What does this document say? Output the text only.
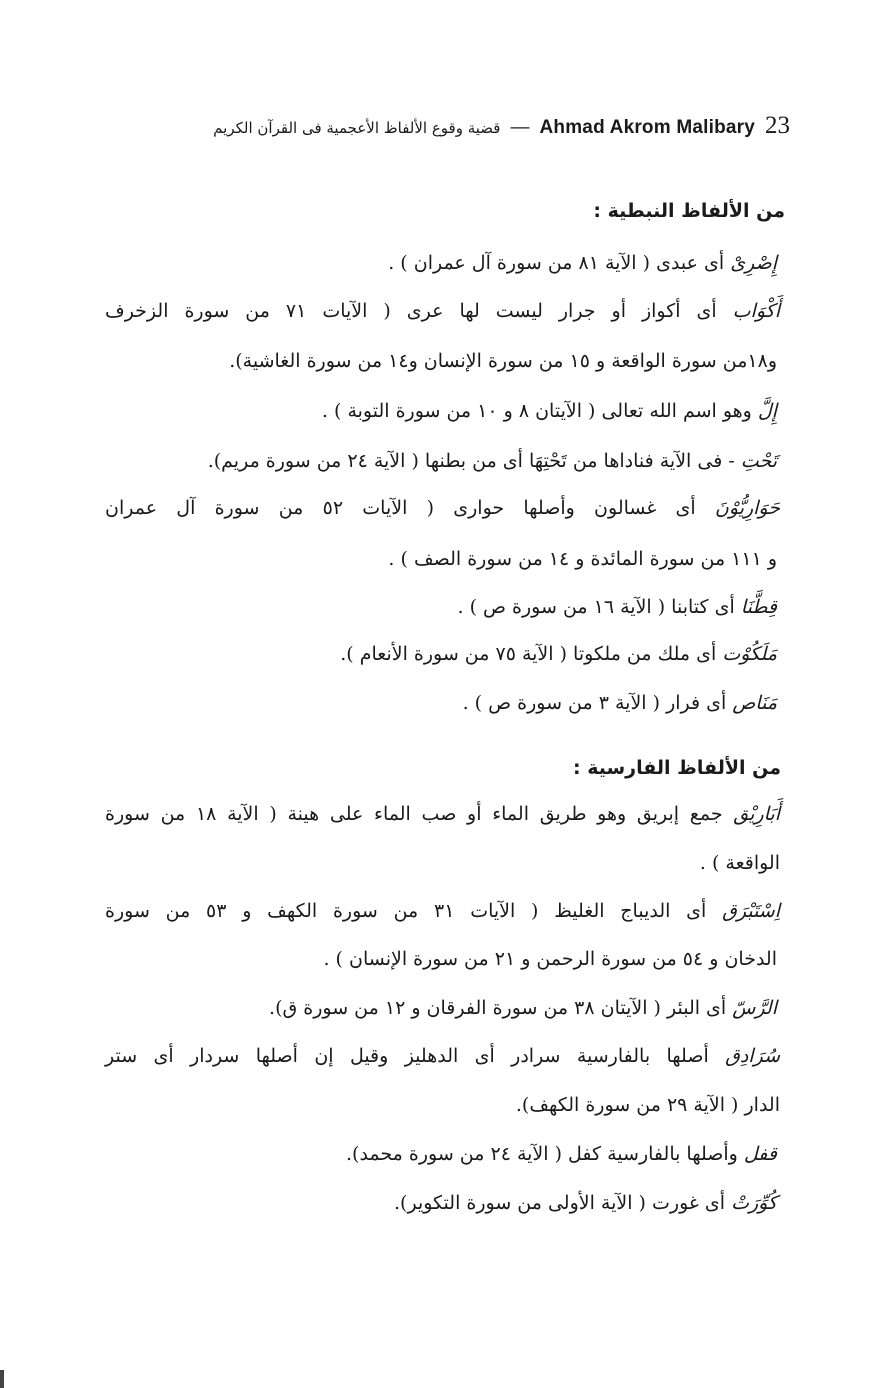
23
Ahmad Akrom Malibary
—
قضية وقوع الألفاظ الأعجمية فى القرآن الكريم
من الألفاظ النبطية :
إِصْرِىْ أى عبدى ( الآية ٨١ من سورة آل عمران ) .
أَكْوَاب أى أكواز أو جرار ليست لها عرى ( الآيات ٧١ من سورة الزخرف
و١٨من سورة الواقعة و ١٥ من سورة الإنسان و١٤ من سورة الغاشية).
إِلَّ وهو اسم الله تعالى ( الآيتان ٨ و ١٠ من سورة التوبة ) .
تَحْتِ - فى الآية فناداها من تَحْتِهَا أى من بطنها ( الآية ٢٤ من سورة مريم).
حَوَارِيُّوْنَ أى غسالون وأصلها حوارى ( الآيات ٥٢ من سورة آل عمران
و ١١١ من سورة المائدة و ١٤ من سورة الصف ) .
قِطَّنَا أى كتابنا ( الآية ١٦ من سورة ص ) .
مَلَكُوْت أى ملك من ملكوتا ( الآية ٧٥ من سورة الأنعام ).
مَنَاص أى فرار ( الآية ٣ من سورة ص ) .
من الألفاظ الفارسية :
أَبَارِيْق جمع إبريق وهو طريق الماء أو صب الماء على هينة ( الآية ١٨ من سورة
الواقعة ) .
اِسْتَبْرَق أى الديباج الغليظ ( الآيات ٣١ من سورة الكهف و ٥٣ من سورة
الدخان و ٥٤ من سورة الرحمن و ٢١ من سورة الإنسان ) .
الرَّسّ أى البئر ( الآيتان ٣٨ من سورة الفرقان و ١٢ من سورة ق).
سُرَادِق أصلها بالفارسية سرادر أى الدهليز وقيل إن أصلها سردار أى ستر
الدار ( الآية ٢٩ من سورة الكهف).
قفل وأصلها بالفارسية كفل ( الآية ٢٤ من سورة محمد).
كُوِّرَتْ أى غورت ( الآية الأولى من سورة التكوير).
